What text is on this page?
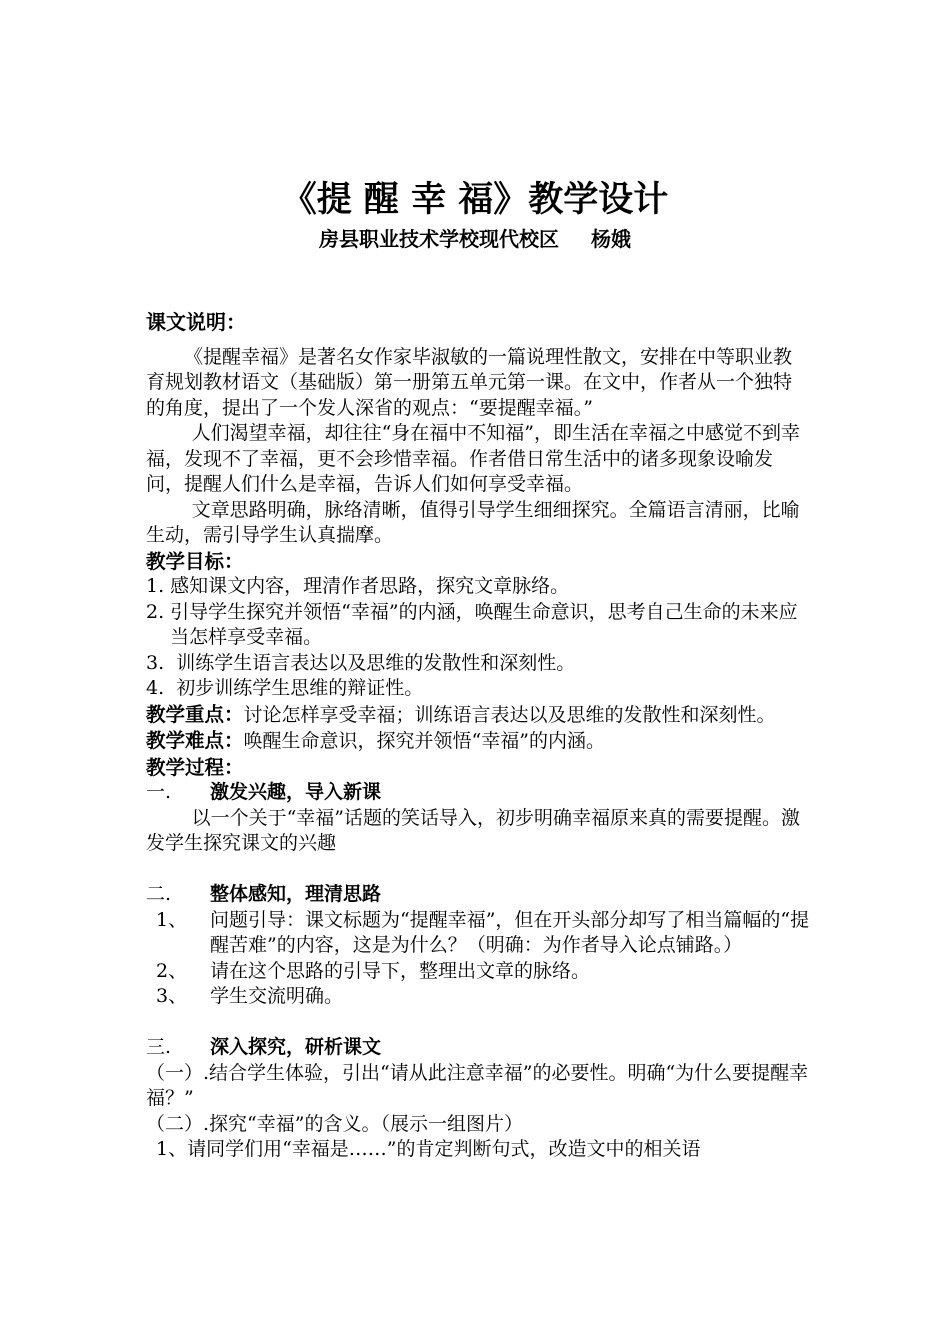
《提 醒 幸 福》教学设计
房县职业技术学校现代校区 杨娥

课文说明：

《提醒幸福》是著名女作家毕淑敏的一篇说理性散文，安排在中等职业教育规划教材语文（基础版）第一册第五单元第一课。在文中，作者从一个独特的角度，提出了一个发人深省的观点：“要提醒幸福。”

人们渴望幸福，却往往“身在福中不知福”，即生活在幸福之中感觉不到幸福，发现不了幸福，更不会珍惜幸福。作者借日常生活中的诸多现象设喻发问，提醒人们什么是幸福，告诉人们如何享受幸福。

文章思路明确，脉络清晰，值得引导学生细细探究。全篇语言清丽，比喻生动，需引导学生认真揣摩。

教学目标：

1. 感知课文内容，理清作者思路，探究文章脉络。
2. 引导学生探究并领悟“幸福”的内涵，唤醒生命意识，思考自己生命的未来应当怎样享受幸福。
3. 训练学生语言表达以及思维的发散性和深刻性。
4. 初步训练学生思维的辩证性。

教学重点：讨论怎样享受幸福；训练语言表达以及思维的发散性和深刻性。

教学难点：唤醒生命意识，探究并领悟“幸福”的内涵。

教学过程：

一. 激发兴趣，导入新课

以一个关于“幸福”话题的笑话导入，初步明确幸福原来真的需要提醒。激发学生探究课文的兴趣

二. 整体感知，理清思路

1、	问题引导：课文标题为“提醒幸福”，但在开头部分却写了相当篇幅的“提醒苦难”的内容，这是为什么？（明确：为作者导入论点铺路。）
2、	请在这个思路的引导下，整理出文章的脉络。
3、	学生交流明确。

三. 深入探究，研析课文

（一）.结合学生体验，引出“请从此注意幸福”的必要性。明确“为什么要提醒幸福？”

（二）.探究“幸福”的含义。（展示一组图片）

1、请同学们用“幸福是……”的肯定判断句式，改造文中的相关语
